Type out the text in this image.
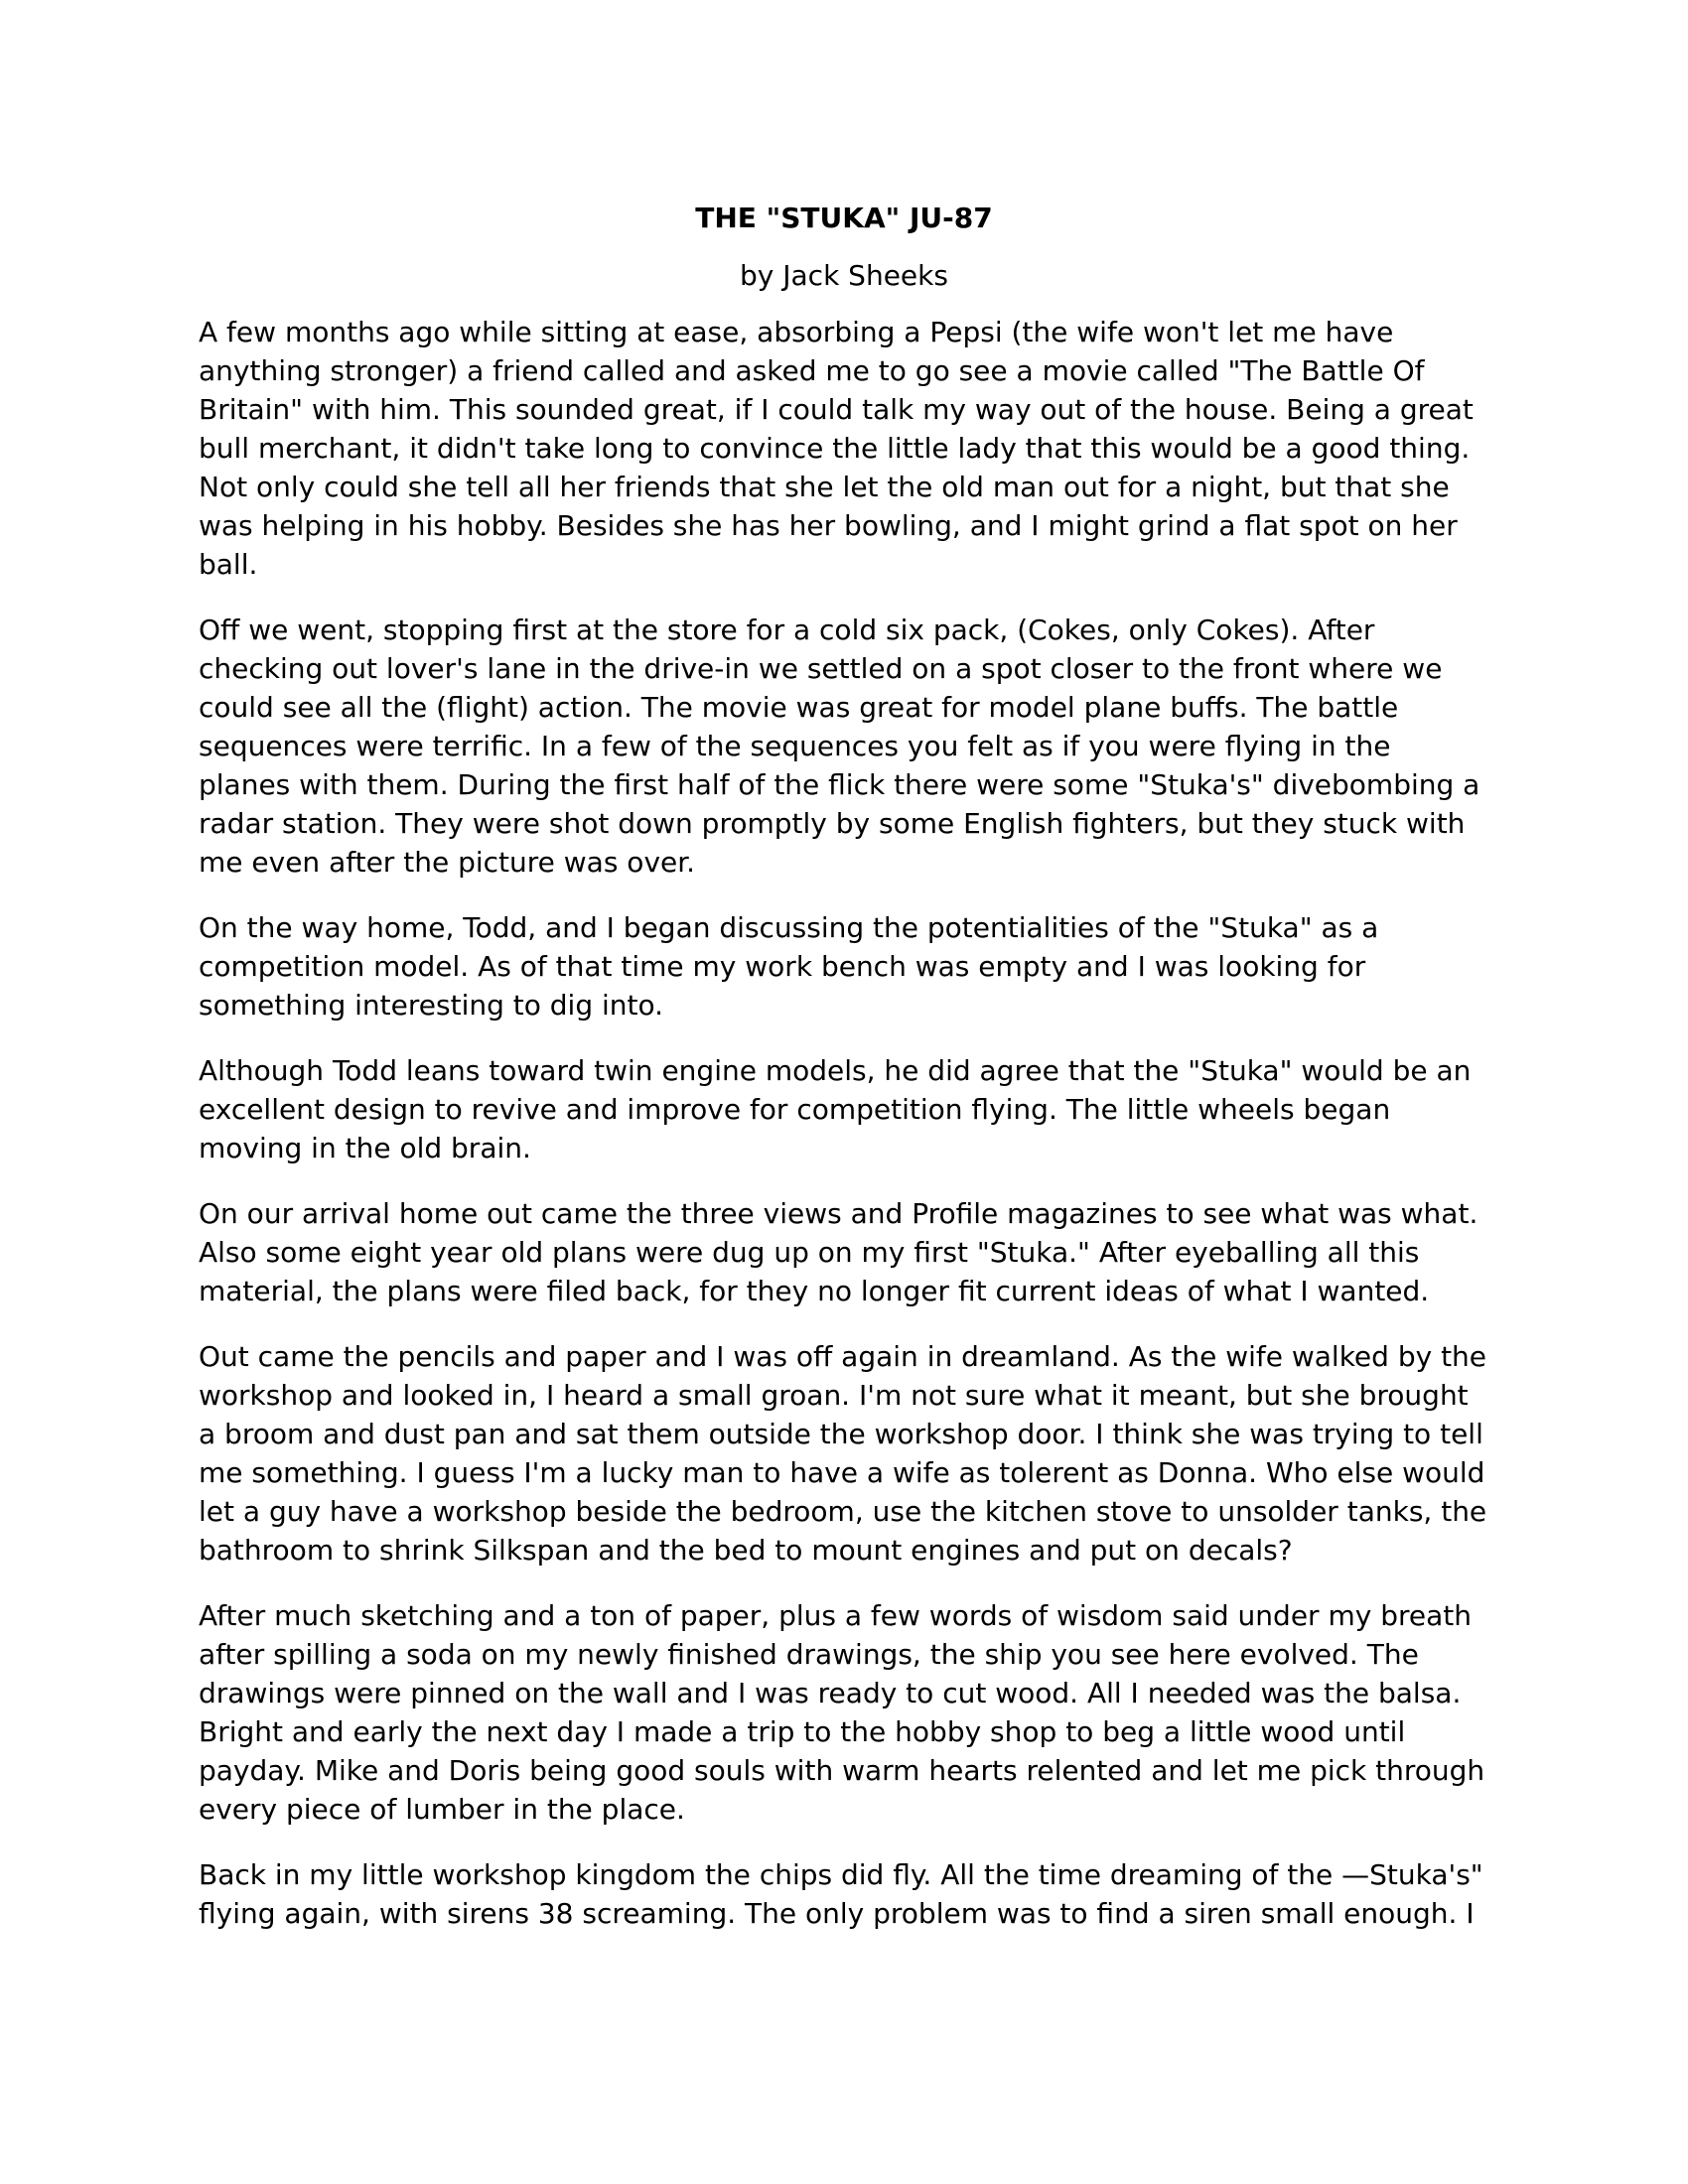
THE "STUKA" JU-87

by Jack Sheeks

A few months ago while sitting at ease, absorbing a Pepsi (the wife won't let me have anything stronger) a friend called and asked me to go see a movie called "The Battle Of Britain" with him. This sounded great, if I could talk my way out of the house. Being a great bull merchant, it didn't take long to convince the little lady that this would be a good thing. Not only could she tell all her friends that she let the old man out for a night, but that she was helping in his hobby. Besides she has her bowling, and I might grind a flat spot on her ball.

Off we went, stopping first at the store for a cold six pack, (Cokes, only Cokes). After checking out lover's lane in the drive-in we settled on a spot closer to the front where we could see all the (flight) action. The movie was great for model plane buffs. The battle sequences were terrific. In a few of the sequences you felt as if you were flying in the planes with them. During the first half of the flick there were some "Stuka's" divebombing a radar station. They were shot down promptly by some English fighters, but they stuck with me even after the picture was over.

On the way home, Todd, and I began discussing the potentialities of the "Stuka" as a competition model. As of that time my work bench was empty and I was looking for something interesting to dig into.

Although Todd leans toward twin engine models, he did agree that the "Stuka" would be an excellent design to revive and improve for competition flying. The little wheels began moving in the old brain.

On our arrival home out came the three views and Profile magazines to see what was what. Also some eight year old plans were dug up on my first "Stuka." After eyeballing all this material, the plans were filed back, for they no longer fit current ideas of what I wanted.

Out came the pencils and paper and I was off again in dreamland. As the wife walked by the workshop and looked in, I heard a small groan. I'm not sure what it meant, but she brought a broom and dust pan and sat them outside the workshop door. I think she was trying to tell me something. I guess I'm a lucky man to have a wife as tolerent as Donna. Who else would let a guy have a workshop beside the bedroom, use the kitchen stove to unsolder tanks, the bathroom to shrink Silkspan and the bed to mount engines and put on decals?

After much sketching and a ton of paper, plus a few words of wisdom said under my breath after spilling a soda on my newly finished drawings, the ship you see here evolved. The drawings were pinned on the wall and I was ready to cut wood. All I needed was the balsa. Bright and early the next day I made a trip to the hobby shop to beg a little wood until payday. Mike and Doris being good souls with warm hearts relented and let me pick through every piece of lumber in the place.

Back in my little workshop kingdom the chips did fly. All the time dreaming of the —Stuka's" flying again, with sirens 38 screaming. The only problem was to find a siren small enough. I
